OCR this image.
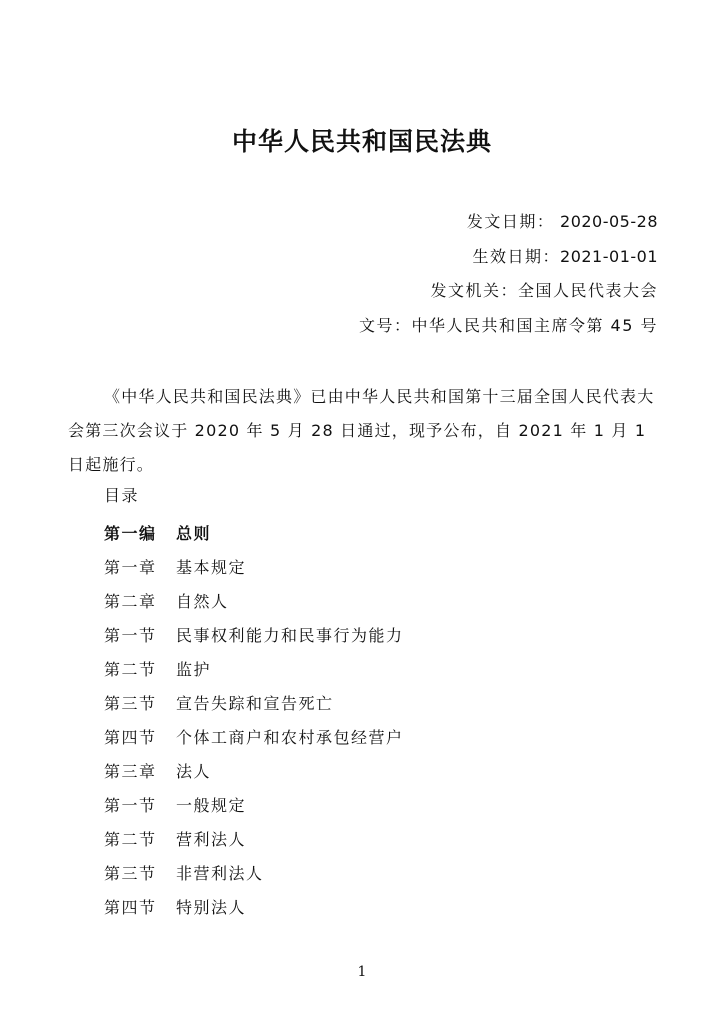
中华人民共和国民法典
发文日期： 2020-05-28
生效日期：2021-01-01
发文机关：全国人民代表大会
文号：中华人民共和国主席令第 45 号

《中华人民共和国民法典》已由中华人民共和国第十三届全国人民代表大会第三次会议于 2020 年 5 月 28 日通过，现予公布，自 2021 年 1 月 1 日起施行。

目录
第一编 总则
第一章 基本规定
第二章 自然人
第一节 民事权利能力和民事行为能力
第二节 监护
第三节 宣告失踪和宣告死亡
第四节 个体工商户和农村承包经营户
第三章 法人
第一节 一般规定
第二节 营利法人
第三节 非营利法人
第四节 特别法人
1
